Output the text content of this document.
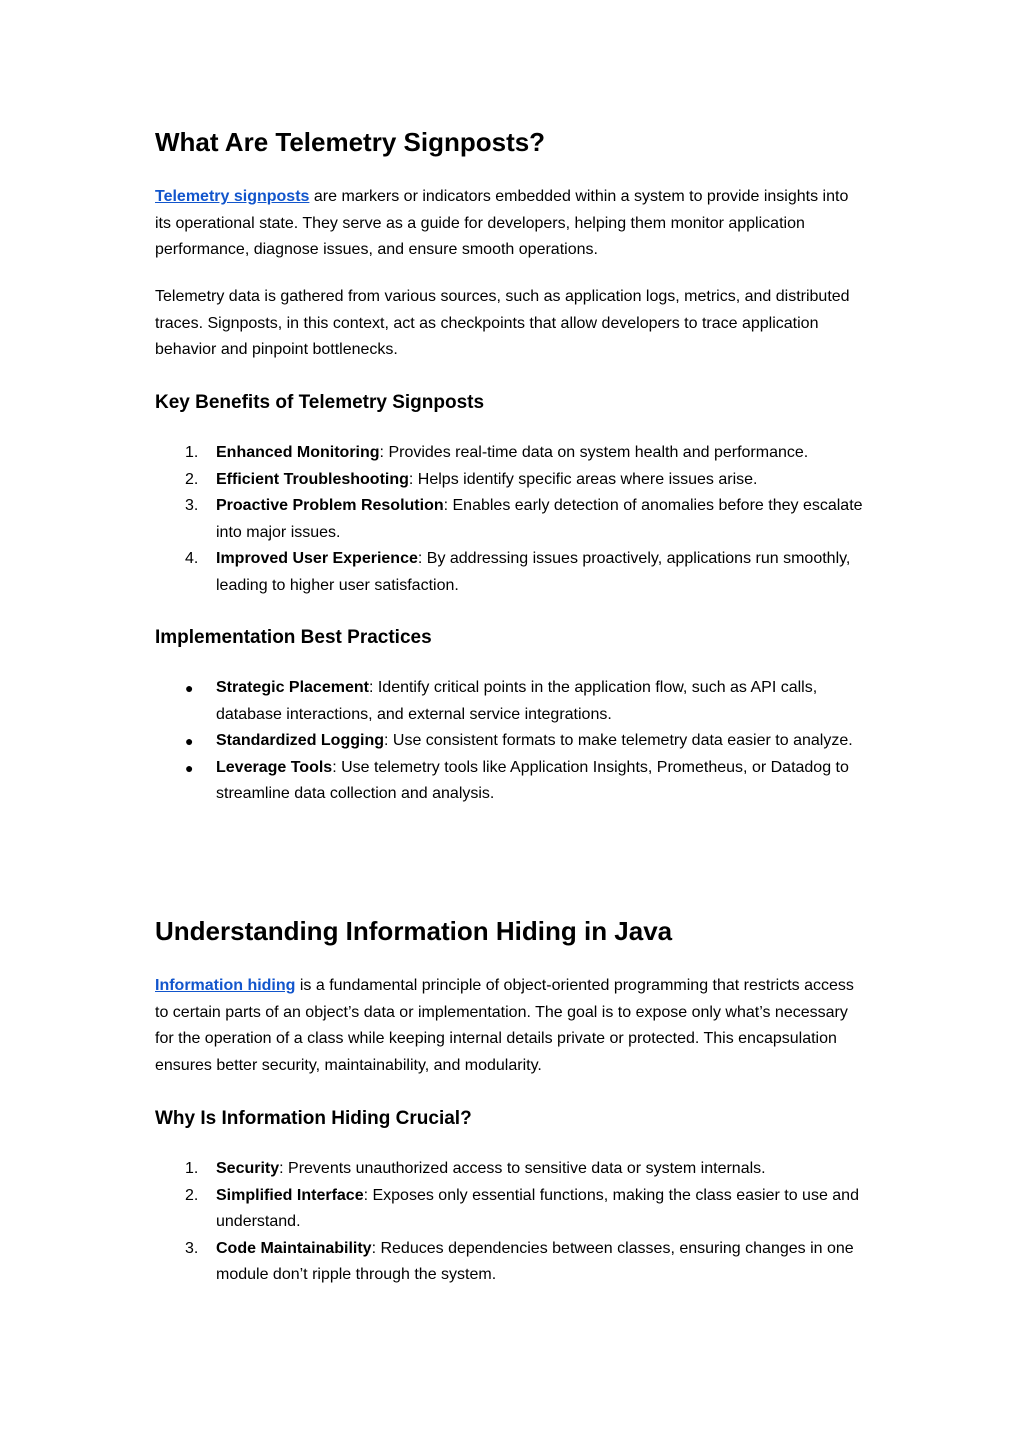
What Are Telemetry Signposts?

Telemetry signposts are markers or indicators embedded within a system to provide insights into its operational state. They serve as a guide for developers, helping them monitor application performance, diagnose issues, and ensure smooth operations.

Telemetry data is gathered from various sources, such as application logs, metrics, and distributed traces. Signposts, in this context, act as checkpoints that allow developers to trace application behavior and pinpoint bottlenecks.

Key Benefits of Telemetry Signposts
1.	Enhanced Monitoring: Provides real-time data on system health and performance.
2.	Efficient Troubleshooting: Helps identify specific areas where issues arise.
3.	Proactive Problem Resolution: Enables early detection of anomalies before they escalate into major issues.
4.	Improved User Experience: By addressing issues proactively, applications run smoothly, leading to higher user satisfaction.
Implementation Best Practices
● Strategic Placement: Identify critical points in the application flow, such as API calls, database interactions, and external service integrations.
● Standardized Logging: Use consistent formats to make telemetry data easier to analyze.
● Leverage Tools: Use telemetry tools like Application Insights, Prometheus, or Datadog to streamline data collection and analysis.
Understanding Information Hiding in Java

Information hiding is a fundamental principle of object-oriented programming that restricts access to certain parts of an object’s data or implementation. The goal is to expose only what’s necessary for the operation of a class while keeping internal details private or protected. This encapsulation ensures better security, maintainability, and modularity.

Why Is Information Hiding Crucial?
1.	Security: Prevents unauthorized access to sensitive data or system internals.
2.	Simplified Interface: Exposes only essential functions, making the class easier to use and understand.
3.	Code Maintainability: Reduces dependencies between classes, ensuring changes in one module don’t ripple through the system.
